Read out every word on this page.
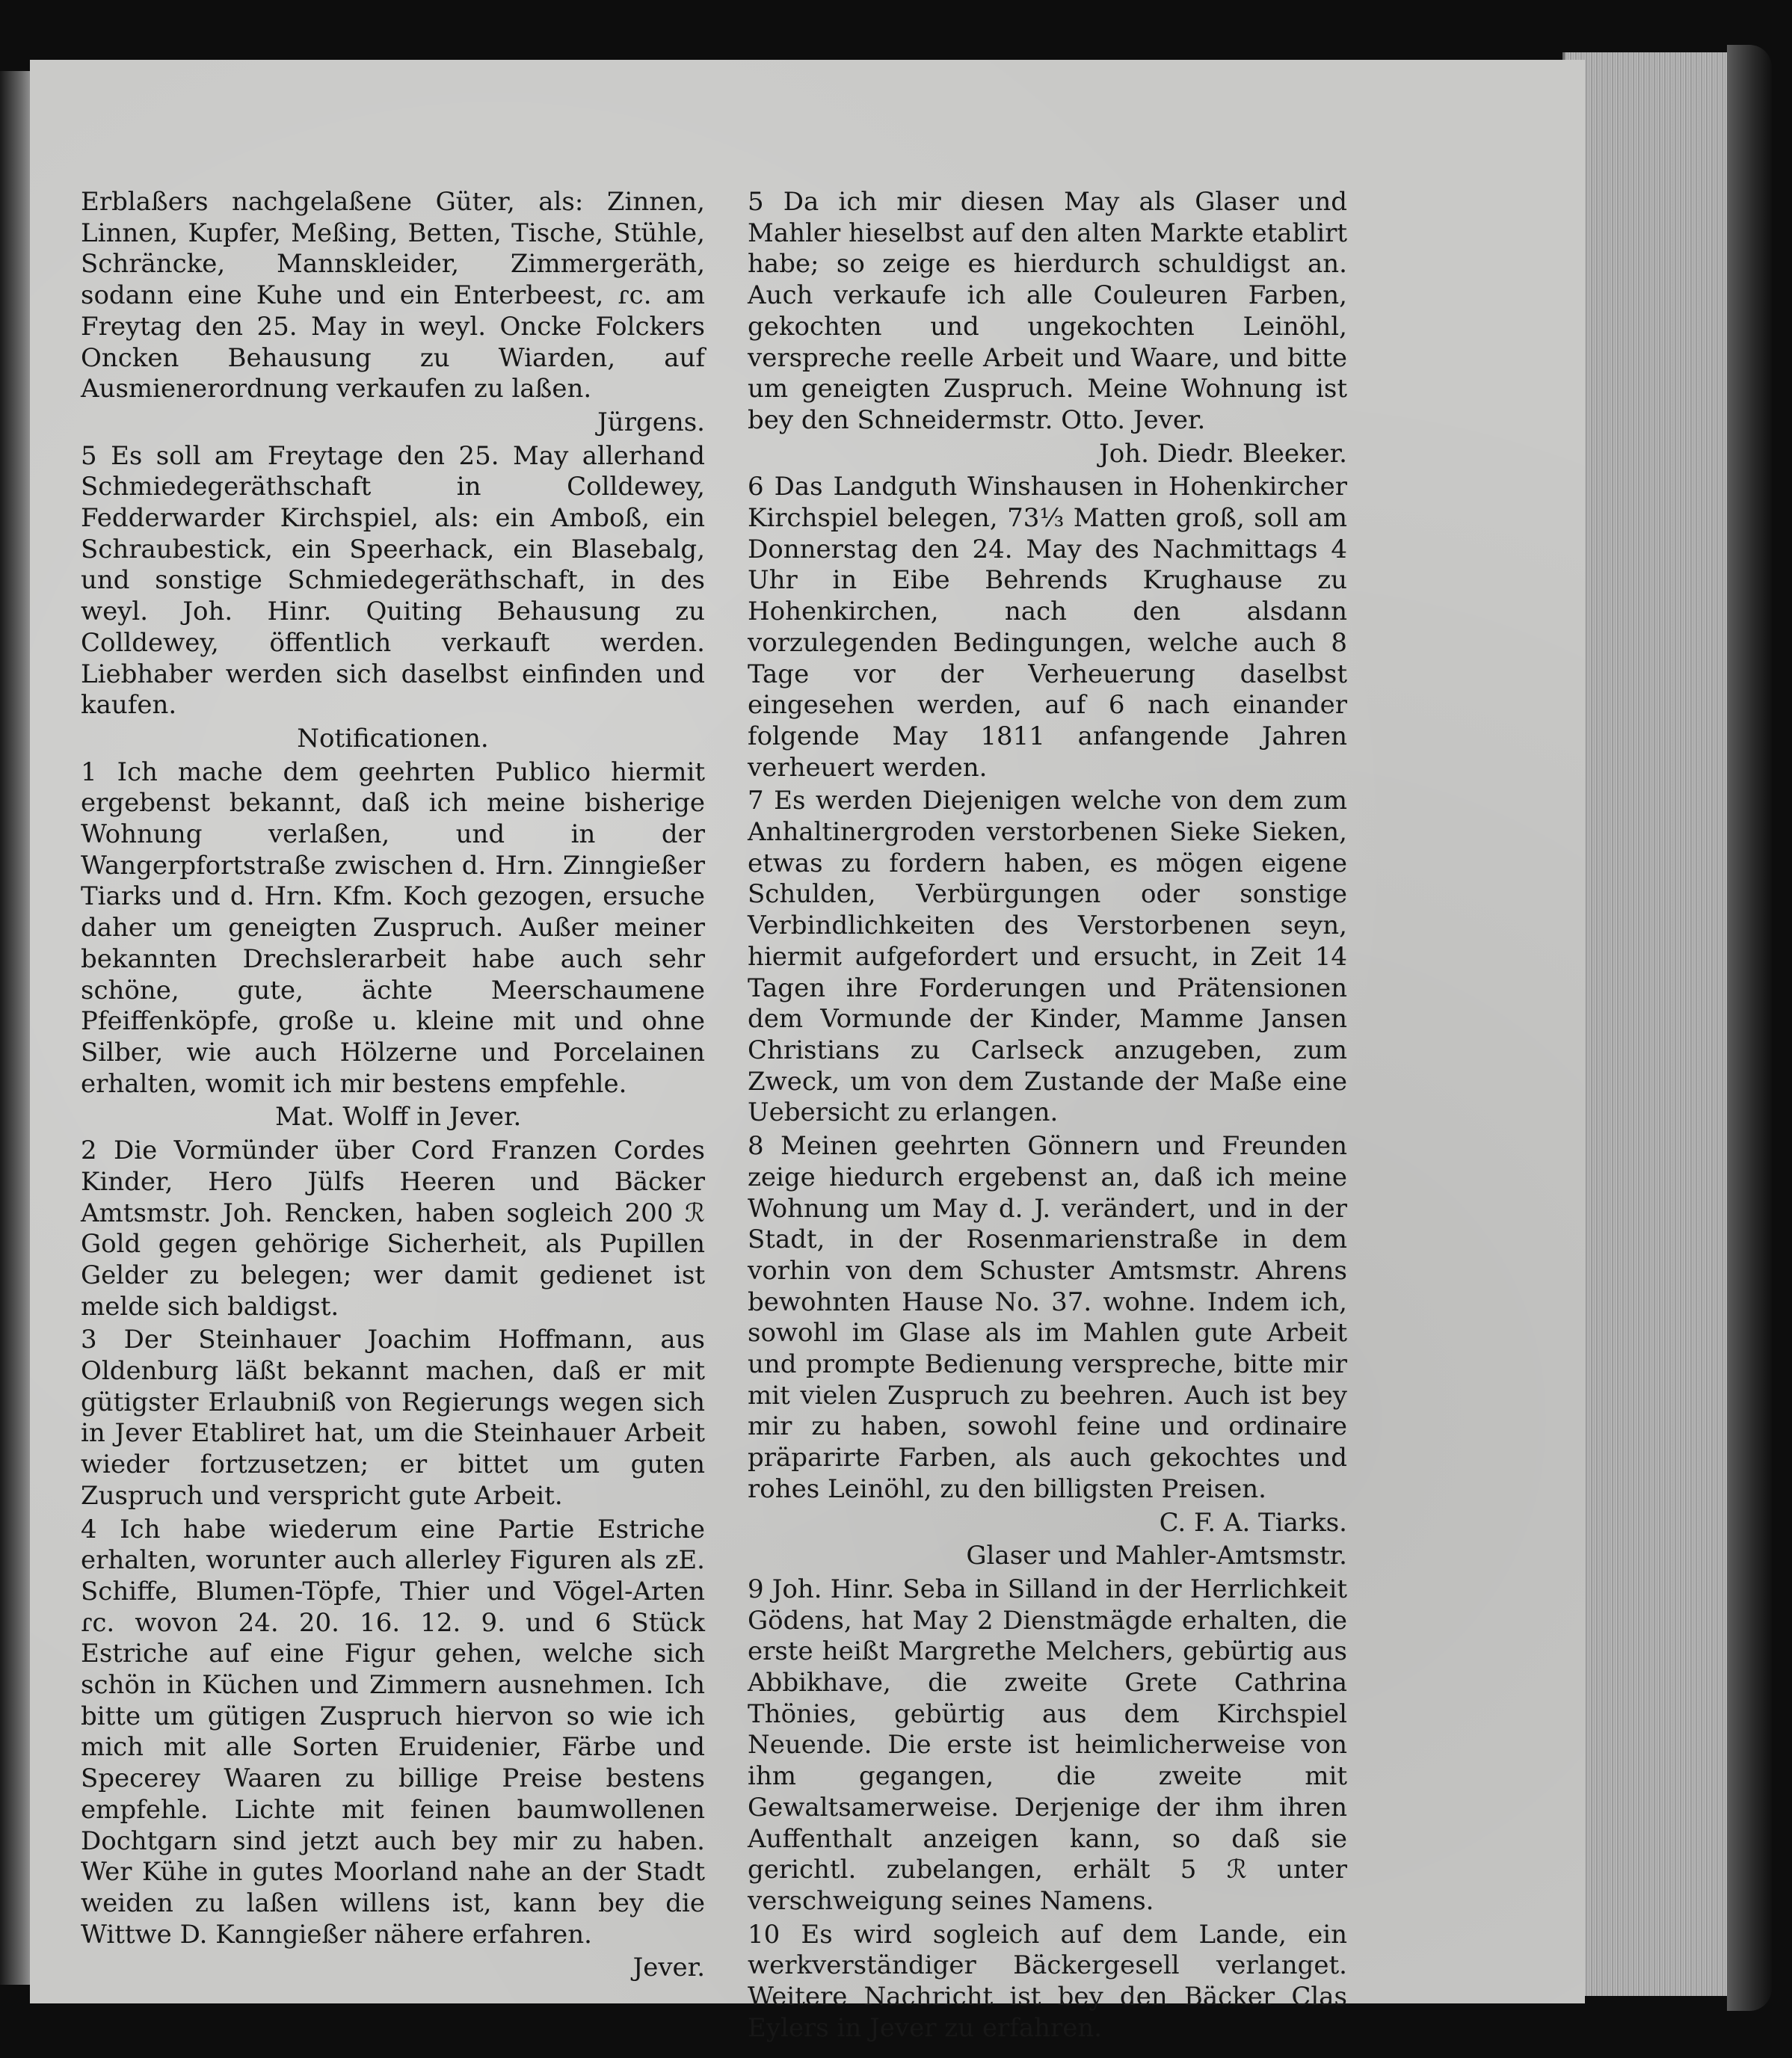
Erblaßers nachgelaßene Güter, als: Zinnen, Linnen, Kupfer, Meßing, Betten, Tische, Stühle, Schräncke, Mannskleider, Zimmergeräth, sodann eine Kuhe und ein Enterbeest, ɾc. am Freytag den 25. May in weyl. Oncke Folckers Oncken Behausung zu Wiarden, auf Ausmienerordnung verkaufen zu laßen.

Jürgens.

5 Es soll am Freytage den 25. May allerhand Schmiedegeräthschaft in Colldewey, Fedderwarder Kirchspiel, als: ein Amboß, ein Schraubestick, ein Speerhack, ein Blasebalg, und sonstige Schmiedegeräthschaft, in des weyl. Joh. Hinr. Quiting Behausung zu Colldewey, öffentlich verkauft werden. Liebhaber werden sich daselbst einfinden und kaufen.

Notificationen.

1 Ich mache dem geehrten Publico hiermit ergebenst bekannt, daß ich meine bisherige Wohnung verlaßen, und in der Wangerpfortstraße zwischen d. Hrn. Zinngießer Tiarks und d. Hrn. Kfm. Koch gezogen, ersuche daher um geneigten Zuspruch. Außer meiner bekannten Drechslerarbeit habe auch sehr schöne, gute, ächte Meerschaumene Pfeiffenköpfe, große u. kleine mit und ohne Silber, wie auch Hölzerne und Porcelainen erhalten, womit ich mir bestens empfehle.

Mat. Wolff in Jever.

2 Die Vormünder über Cord Franzen Cordes Kinder, Hero Jülfs Heeren und Bäcker Amtsmstr. Joh. Rencken, haben sogleich 200 ℛ Gold gegen gehörige Sicherheit, als Pupillen Gelder zu belegen; wer damit gedienet ist melde sich baldigst.

3 Der Steinhauer Joachim Hoffmann, aus Oldenburg läßt bekannt machen, daß er mit gütigster Erlaubniß von Regierungs wegen sich in Jever Etabliret hat, um die Steinhauer Arbeit wieder fortzusetzen; er bittet um guten Zuspruch und verspricht gute Arbeit.

4 Ich habe wiederum eine Partie Estriche erhalten, worunter auch allerley Figuren als zE. Schiffe, Blumen-Töpfe, Thier und Vögel-Arten ɾc. wovon 24. 20. 16. 12. 9. und 6 Stück Estriche auf eine Figur gehen, welche sich schön in Küchen und Zimmern ausnehmen. Ich bitte um gütigen Zuspruch hiervon so wie ich mich mit alle Sorten Eruidenier, Färbe und Specerey Waaren zu billige Preise bestens empfehle. Lichte mit feinen baumwollenen Dochtgarn sind jetzt auch bey mir zu haben. Wer Kühe in gutes Moorland nahe an der Stadt weiden zu laßen willens ist, kann bey die Wittwe D. Kanngießer nähere erfahren.

Jever.

5 Da ich mir diesen May als Glaser und Mahler hieselbst auf den alten Markte etablirt habe; so zeige es hierdurch schuldigst an. Auch verkaufe ich alle Couleuren Farben, gekochten und ungekochten Leinöhl, verspreche reelle Arbeit und Waare, und bitte um geneigten Zuspruch. Meine Wohnung ist bey den Schneidermstr. Otto. Jever.

Joh. Diedr. Bleeker.

6 Das Landguth Winshausen in Hohenkircher Kirchspiel belegen, 73⅓ Matten groß, soll am Donnerstag den 24. May des Nachmittags 4 Uhr in Eibe Behrends Krughause zu Hohenkirchen, nach den alsdann vorzulegenden Bedingungen, welche auch 8 Tage vor der Verheuerung daselbst eingesehen werden, auf 6 nach einander folgende May 1811 anfangende Jahren verheuert werden.

7 Es werden Diejenigen welche von dem zum Anhaltinergroden verstorbenen Sieke Sieken, etwas zu fordern haben, es mögen eigene Schulden, Verbürgungen oder sonstige Verbindlichkeiten des Verstorbenen seyn, hiermit aufgefordert und ersucht, in Zeit 14 Tagen ihre Forderungen und Prätensionen dem Vormunde der Kinder, Mamme Jansen Christians zu Carlseck anzugeben, zum Zweck, um von dem Zustande der Maße eine Uebersicht zu erlangen.

8 Meinen geehrten Gönnern und Freunden zeige hiedurch ergebenst an, daß ich meine Wohnung um May d. J. verändert, und in der Stadt, in der Rosenmarienstraße in dem vorhin von dem Schuster Amtsmstr. Ahrens bewohnten Hause No. 37. wohne. Indem ich, sowohl im Glase als im Mahlen gute Arbeit und prompte Bedienung verspreche, bitte mir mit vielen Zuspruch zu beehren. Auch ist bey mir zu haben, sowohl feine und ordinaire präparirte Farben, als auch gekochtes und rohes Leinöhl, zu den billigsten Preisen.

C. F. A. Tiarks.

Glaser und Mahler-Amtsmstr.

9 Joh. Hinr. Seba in Silland in der Herrlichkeit Gödens, hat May 2 Dienstmägde erhalten, die erste heißt Margrethe Melchers, gebürtig aus Abbikhave, die zweite Grete Cathrina Thönies, gebürtig aus dem Kirchspiel Neuende. Die erste ist heimlicherweise von ihm gegangen, die zweite mit Gewaltsamerweise. Derjenige der ihm ihren Auffenthalt anzeigen kann, so daß sie gerichtl. zubelangen, erhält 5 ℛ unter verschweigung seines Namens.

10 Es wird sogleich auf dem Lande, ein werkverständiger Bäckergesell verlanget. Weitere Nachricht ist bey den Bäcker Clas Eylers in Jever zu erfahren.
